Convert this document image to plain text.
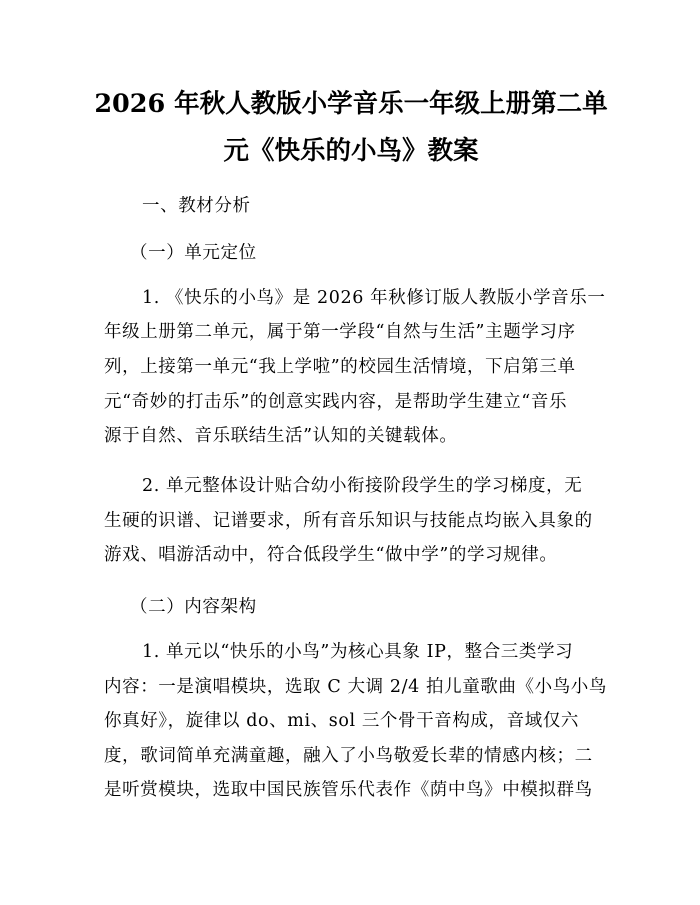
2026 年秋人教版小学音乐一年级上册第二单
元《快乐的小鸟》教案
一、教材分析
（一）单元定位
1. 《快乐的小鸟》是 2026 年秋修订版人教版小学音乐一
年级上册第二单元，属于第一学段“自然与生活”主题学习序
列，上接第一单元“我上学啦”的校园生活情境，下启第三单
元“奇妙的打击乐”的创意实践内容，是帮助学生建立“音乐
源于自然、音乐联结生活”认知的关键载体。
2. 单元整体设计贴合幼小衔接阶段学生的学习梯度，无
生硬的识谱、记谱要求，所有音乐知识与技能点均嵌入具象的
游戏、唱游活动中，符合低段学生“做中学”的学习规律。
（二）内容架构
1. 单元以“快乐的小鸟”为核心具象 IP，整合三类学习
内容：一是演唱模块，选取 C 大调 2/4 拍儿童歌曲《小鸟小鸟
你真好》，旋律以 do、mi、sol 三个骨干音构成，音域仅六
度，歌词简单充满童趣，融入了小鸟敬爱长辈的情感内核；二
是听赏模块，选取中国民族管乐代表作《荫中鸟》中模拟群鸟
